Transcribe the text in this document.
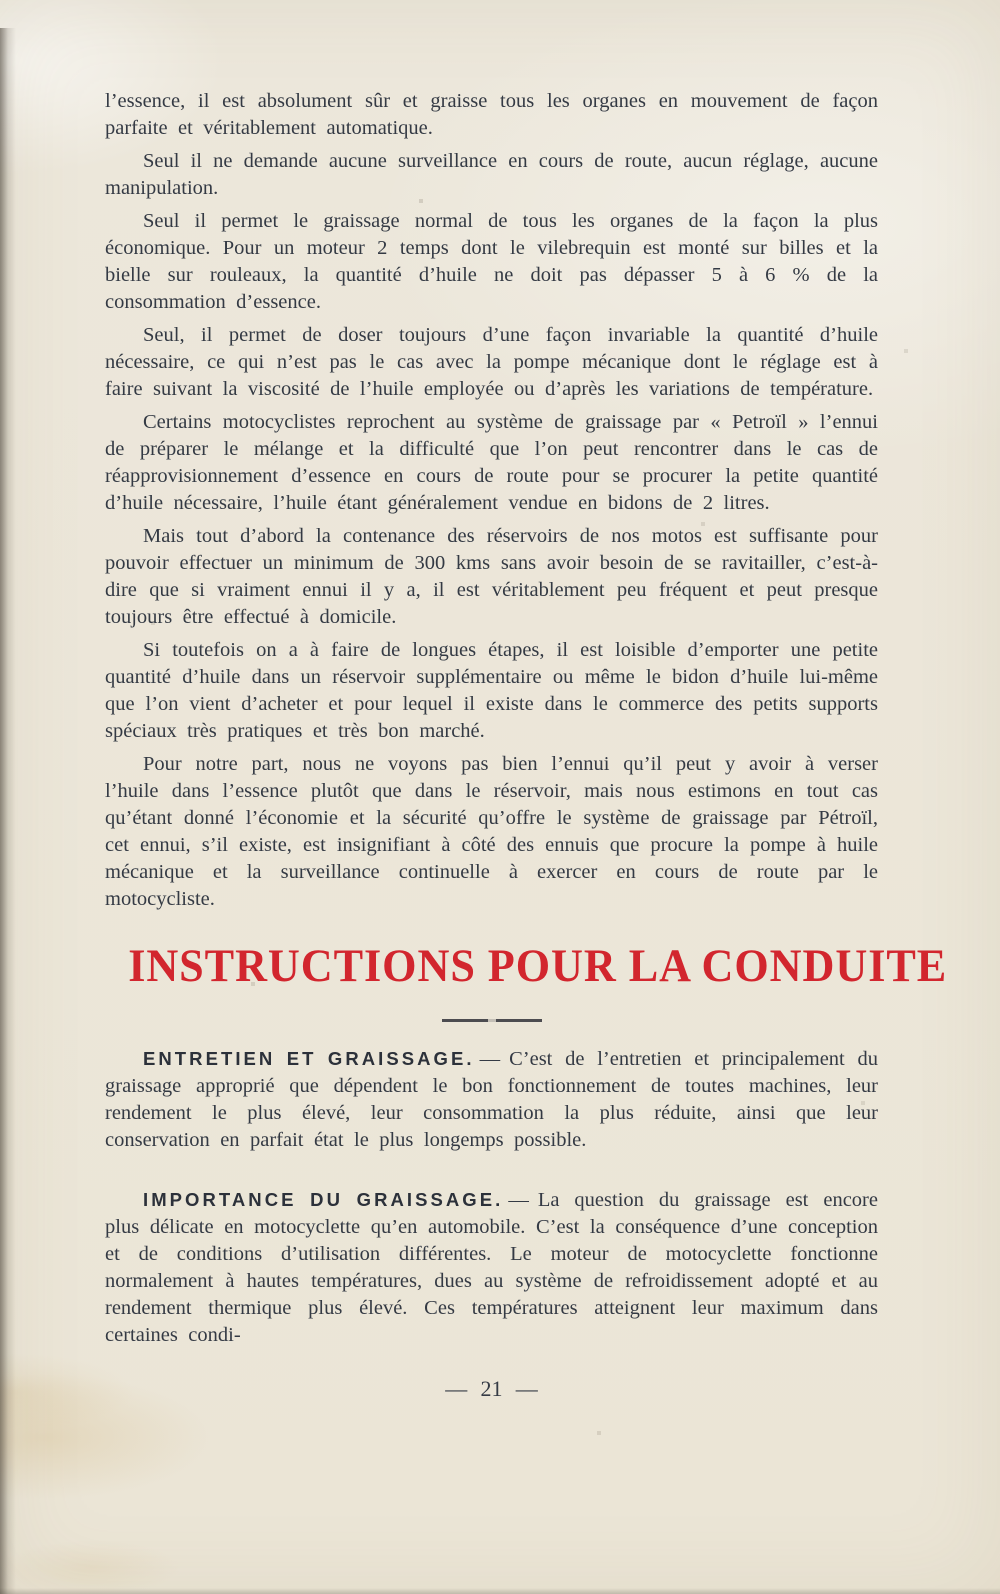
l’essence, il est absolument sûr et graisse tous les organes en mouvement de façon parfaite et véritablement automatique.

Seul il ne demande aucune surveillance en cours de route, aucun réglage, aucune manipulation.

Seul il permet le graissage normal de tous les organes de la façon la plus économique. Pour un moteur 2 temps dont le vilebrequin est monté sur billes et la bielle sur rouleaux, la quantité d’huile ne doit pas dépasser 5 à 6 % de la consommation d’essence.

Seul, il permet de doser toujours d’une façon invariable la quantité d’huile nécessaire, ce qui n’est pas le cas avec la pompe mécanique dont le réglage est à faire suivant la viscosité de l’huile employée ou d’après les variations de température.

Certains motocyclistes reprochent au système de graissage par « Petroïl » l’ennui de préparer le mélange et la difficulté que l’on peut rencontrer dans le cas de réapprovisionnement d’essence en cours de route pour se procurer la petite quantité d’huile nécessaire, l’huile étant généralement vendue en bidons de 2 litres.

Mais tout d’abord la contenance des réservoirs de nos motos est suffisante pour pouvoir effectuer un minimum de 300 kms sans avoir besoin de se ravitailler, c’est-à-dire que si vraiment ennui il y a, il est véritablement peu fréquent et peut presque toujours être effectué à domicile.

Si toutefois on a à faire de longues étapes, il est loisible d’emporter une petite quantité d’huile dans un réservoir supplémentaire ou même le bidon d’huile lui-même que l’on vient d’acheter et pour lequel il existe dans le commerce des petits supports spéciaux très pratiques et très bon marché.

Pour notre part, nous ne voyons pas bien l’ennui qu’il peut y avoir à verser l’huile dans l’essence plutôt que dans le réservoir, mais nous estimons en tout cas qu’étant donné l’économie et la sécurité qu’offre le système de graissage par Pétroïl, cet ennui, s’il existe, est insignifiant à côté des ennuis que procure la pompe à huile mécanique et la surveillance continuelle à exercer en cours de route par le motocycliste.

INSTRUCTIONS POUR LA CONDUITE

ENTRETIEN ET GRAISSAGE. — C’est de l’entretien et principalement du graissage approprié que dépendent le bon fonctionnement de toutes machines, leur rendement le plus élevé, leur consommation la plus réduite, ainsi que leur conservation en parfait état le plus longemps possible.

IMPORTANCE DU GRAISSAGE. — La question du graissage est encore plus délicate en motocyclette qu’en automobile. C’est la conséquence d’une conception et de conditions d’utilisation différentes. Le moteur de motocyclette fonctionne normalement à hautes températures, dues au système de refroidissement adopté et au rendement thermique plus élevé. Ces températures atteignent leur maximum dans certaines condi-

— 21 —
